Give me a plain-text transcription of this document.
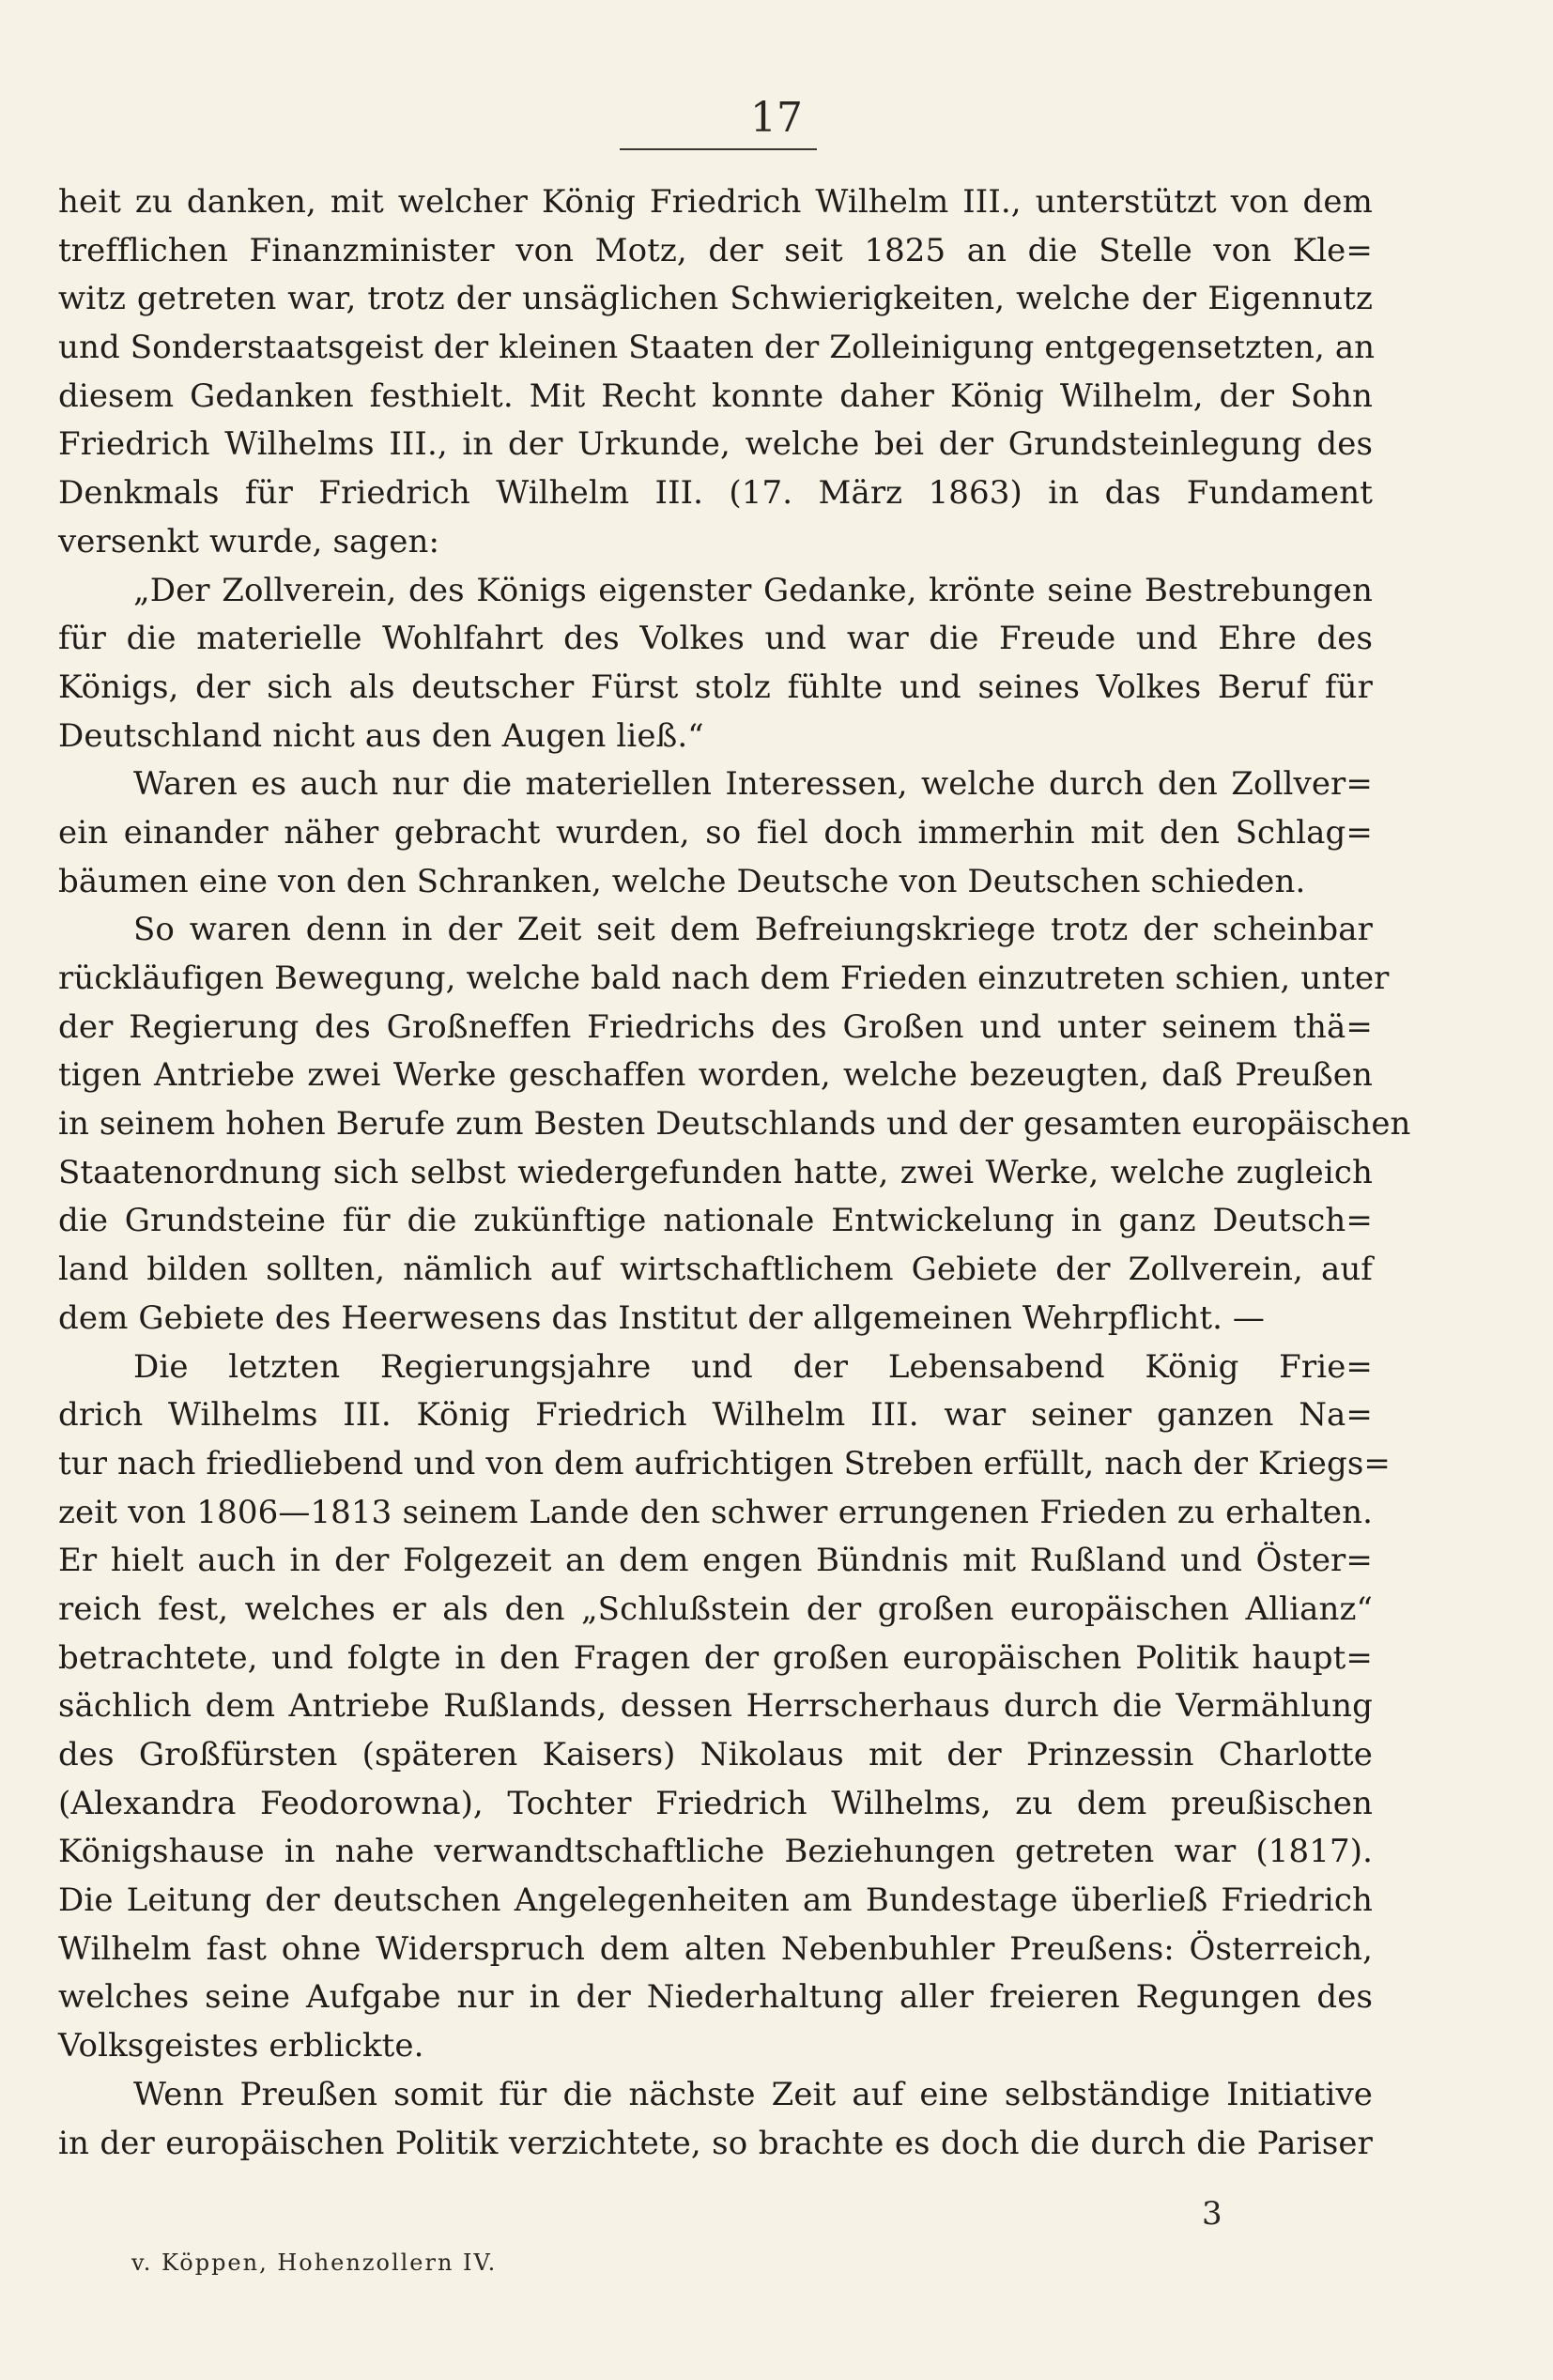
17
heit zu danken, mit welcher König Friedrich Wilhelm III., unterstützt von dem
trefflichen Finanzminister von Motz, der seit 1825 an die Stelle von Kle=
witz getreten war, trotz der unsäglichen Schwierigkeiten, welche der Eigennutz
und Sonderstaatsgeist der kleinen Staaten der Zolleinigung entgegensetzten, an
diesem Gedanken festhielt. Mit Recht konnte daher König Wilhelm, der Sohn
Friedrich Wilhelms III., in der Urkunde, welche bei der Grundsteinlegung des
Denkmals für Friedrich Wilhelm III. (17. März 1863) in das Fundament
versenkt wurde, sagen:
„Der Zollverein, des Königs eigenster Gedanke, krönte seine Bestrebungen
für die materielle Wohlfahrt des Volkes und war die Freude und Ehre des
Königs, der sich als deutscher Fürst stolz fühlte und seines Volkes Beruf für
Deutschland nicht aus den Augen ließ.“
Waren es auch nur die materiellen Interessen, welche durch den Zollver=
ein einander näher gebracht wurden, so fiel doch immerhin mit den Schlag=
bäumen eine von den Schranken, welche Deutsche von Deutschen schieden.
So waren denn in der Zeit seit dem Befreiungskriege trotz der scheinbar
rückläufigen Bewegung, welche bald nach dem Frieden einzutreten schien, unter
der Regierung des Großneffen Friedrichs des Großen und unter seinem thä=
tigen Antriebe zwei Werke geschaffen worden, welche bezeugten, daß Preußen
in seinem hohen Berufe zum Besten Deutschlands und der gesamten europäischen
Staatenordnung sich selbst wiedergefunden hatte, zwei Werke, welche zugleich
die Grundsteine für die zukünftige nationale Entwickelung in ganz Deutsch=
land bilden sollten, nämlich auf wirtschaftlichem Gebiete der Zollverein, auf
dem Gebiete des Heerwesens das Institut der allgemeinen Wehrpflicht. —
Die letzten Regierungsjahre und der Lebensabend König Frie=
drich Wilhelms III. König Friedrich Wilhelm III. war seiner ganzen Na=
tur nach friedliebend und von dem aufrichtigen Streben erfüllt, nach der Kriegs=
zeit von 1806—1813 seinem Lande den schwer errungenen Frieden zu erhalten.
Er hielt auch in der Folgezeit an dem engen Bündnis mit Rußland und Öster=
reich fest, welches er als den „Schlußstein der großen europäischen Allianz“
betrachtete, und folgte in den Fragen der großen europäischen Politik haupt=
sächlich dem Antriebe Rußlands, dessen Herrscherhaus durch die Vermählung
des Großfürsten (späteren Kaisers) Nikolaus mit der Prinzessin Charlotte
(Alexandra Feodorowna), Tochter Friedrich Wilhelms, zu dem preußischen
Königshause in nahe verwandtschaftliche Beziehungen getreten war (1817).
Die Leitung der deutschen Angelegenheiten am Bundestage überließ Friedrich
Wilhelm fast ohne Widerspruch dem alten Nebenbuhler Preußens: Österreich,
welches seine Aufgabe nur in der Niederhaltung aller freieren Regungen des
Volksgeistes erblickte.
Wenn Preußen somit für die nächste Zeit auf eine selbständige Initiative
in der europäischen Politik verzichtete, so brachte es doch die durch die Pariser
3
v. Köppen, Hohenzollern IV.
